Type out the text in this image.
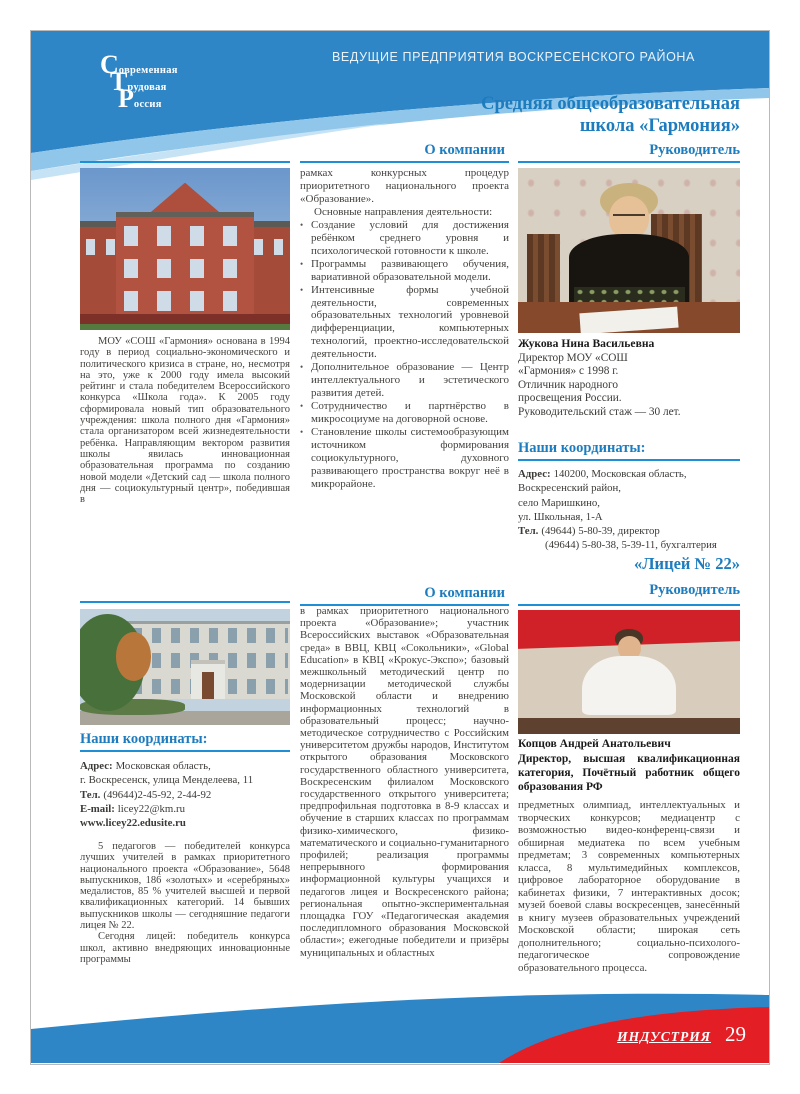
Современная
Трудовая
Россия
ВЕДУЩИЕ ПРЕДПРИЯТИЯ ВОСКРЕСЕНСКОГО РАЙОНА
Средняя общеобразовательная
школа «Гармония»
О компании	Руководитель
МОУ «СОШ «Гармония» основана в 1994 году в период социально-экономического и политического кризиса в стране, но, несмотря на это, уже к 2000 году имела высокий рейтинг и стала победителем Всероссийского конкурса «Школа года». К 2005 году сформировала новый тип образовательного учреждения: школа полного дня «Гармония» стала организатором всей жизнедеятельности ребёнка. Направляющим вектором развития школы явилась инновационная образовательная программа по созданию новой модели «Детский сад — школа полного дня — социокультурный центр», победившая в

рамках конкурсных процедур приоритетного национального проекта «Образование».

Основные направления деятельности:

• Создание условий для достижения ребёнком среднего уровня и психологической готовности к школе.
• Программы развивающего обучения, вариативной образовательной модели.
• Интенсивные формы учебной деятельности, современных образовательных технологий уровневой дифференциации, компьютерных технологий, проектно-исследовательской деятельности.
• Дополнительное образование — Центр интеллектуального и эстетического развития детей.
• Сотрудничество и партнёрство в микросоциуме на договорной основе.
• Становление школы системообразующим источником формирования социокультурного, духовного развивающего пространства вокруг неё в микрорайоне.
Жукова Нина Васильевна
Директор МОУ «СОШ
«Гармония» с 1998 г.
Отличник народного
просвещения России.
Руководительский стаж — 30 лет.
Наши координаты:
Адрес: 140200, Московская область,
Воскресенский район,
село Маришкино,
ул. Школьная, 1-А
Тел. (49644) 5-80-39, директор
(49644) 5-80-38, 5-39-11, бухгалтерия
«Лицей № 22»
Руководитель
О компании
Наши координаты:
Адрес: Московская область,
г. Воскресенск, улица Менделеева, 11
Тел. (49644)2-45-92, 2-44-92
E-mail: licey22@km.ru
www.licey22.edusite.ru

5 педагогов — победителей конкурса лучших учителей в рамках приоритетного национального проекта «Образование», 5648 выпускников, 186 «золотых» и «серебряных» медалистов, 85 % учителей высшей и первой квалификационных категорий. 14 бывших выпускников школы — сегодняшние педагоги лицея № 22.

Сегодня лицей: победитель конкурса школ, активно внедряющих инновационные программы

в рамках приоритетного национального проекта «Образование»; участник Всероссийских выставок «Образовательная среда» в ВВЦ, КВЦ «Сокольники», «Global Education» в КВЦ «Крокус-Экспо»; базовый межшкольный методический центр по модернизации методической службы Московской области и внедрению информационных технологий в образовательный процесс; научно-методическое сотрудничество с Российским университетом дружбы народов, Институтом открытого образования Московского государственного областного университета, Воскресенским филиалом Московского государственного открытого университета; предпрофильная подготовка в 8-9 классах и обучение в старших классах по программам физико-химического, физико-математического и социально-гуманитарного профилей; реализация программы непрерывного формирования информационной культуры учащихся и педагогов лицея и Воскресенского района; региональная опытно-экспериментальная площадка ГОУ «Педагогическая академия последипломного образования Московской области»; ежегодные победители и призёры муниципальных и областных
Копцов Андрей Анатольевич
Директор, высшая квалификационная категория, Почётный работник общего образования РФ
предметных олимпиад, интеллектуальных и творческих конкурсов; медиацентр с возможностью видео-конференц-связи и обширная медиатека по всем учебным предметам; 3 современных компьютерных класса, 8 мультимедийных комплексов, цифровое лабораторное оборудование в кабинетах физики, 7 интерактивных досок; музей боевой славы воскресенцев, занесённый в книгу музеев образовательных учреждений Московской области; широкая сеть дополнительного; социально-психолого-педагогическое сопровождение образовательного процесса.
ИНДУСТРИЯ 29
